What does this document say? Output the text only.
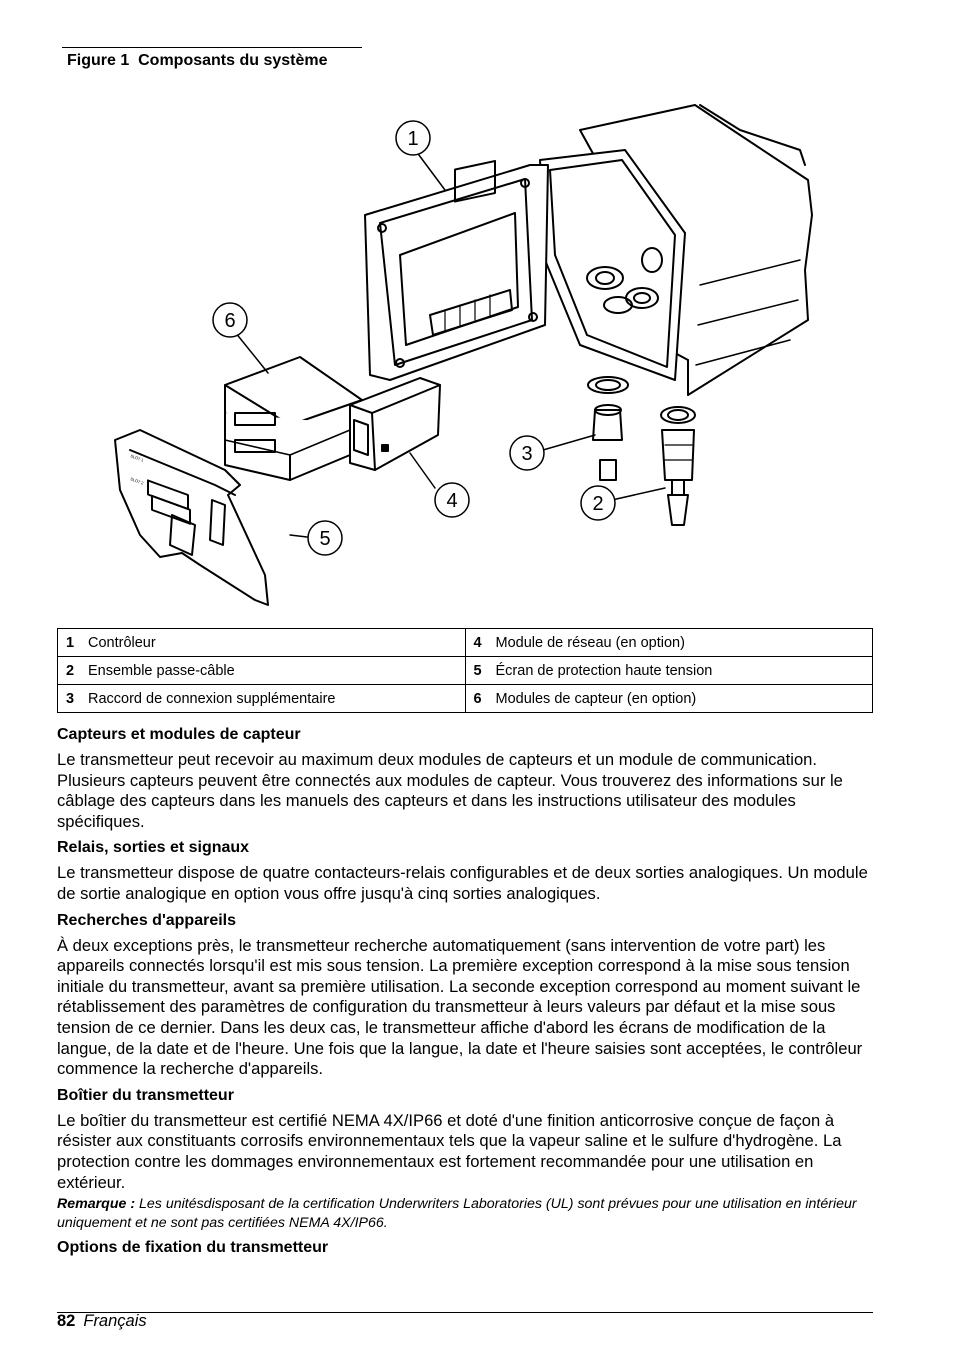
Figure 1 Composants du système
1
2
3
4
5
6
SLOT 1
SLOT 2
1 Contrôleur	4 Module de réseau (en option)
2 Ensemble passe-câble	5 Écran de protection haute tension
3 Raccord de connexion supplémentaire	6 Modules de capteur (en option)
Capteurs et modules de capteur

Le transmetteur peut recevoir au maximum deux modules de capteurs et un module de communication. Plusieurs capteurs peuvent être connectés aux modules de capteur. Vous trouverez des informations sur le câblage des capteurs dans les manuels des capteurs et dans les instructions utilisateur des modules spécifiques.

Relais, sorties et signaux

Le transmetteur dispose de quatre contacteurs-relais configurables et de deux sorties analogiques. Un module de sortie analogique en option vous offre jusqu'à cinq sorties analogiques.

Recherches d'appareils

À deux exceptions près, le transmetteur recherche automatiquement (sans intervention de votre part) les appareils connectés lorsqu'il est mis sous tension. La première exception correspond à la mise sous tension initiale du transmetteur, avant sa première utilisation. La seconde exception correspond au moment suivant le rétablissement des paramètres de configuration du transmetteur à leurs valeurs par défaut et la mise sous tension de ce dernier. Dans les deux cas, le transmetteur affiche d'abord les écrans de modification de la langue, de la date et de l'heure. Une fois que la langue, la date et l'heure saisies sont acceptées, le contrôleur commence la recherche d'appareils.

Boîtier du transmetteur

Le boîtier du transmetteur est certifié NEMA 4X/IP66 et doté d'une finition anticorrosive conçue de façon à résister aux constituants corrosifs environnementaux tels que la vapeur saline et le sulfure d'hydrogène. La protection contre les dommages environnementaux est fortement recommandée pour une utilisation en extérieur.

Remarque : Les unitésdisposant de la certification Underwriters Laboratories (UL) sont prévues pour une utilisation en intérieur uniquement et ne sont pas certifiées NEMA 4X/IP66.
Options de fixation du transmetteur
82 Français
